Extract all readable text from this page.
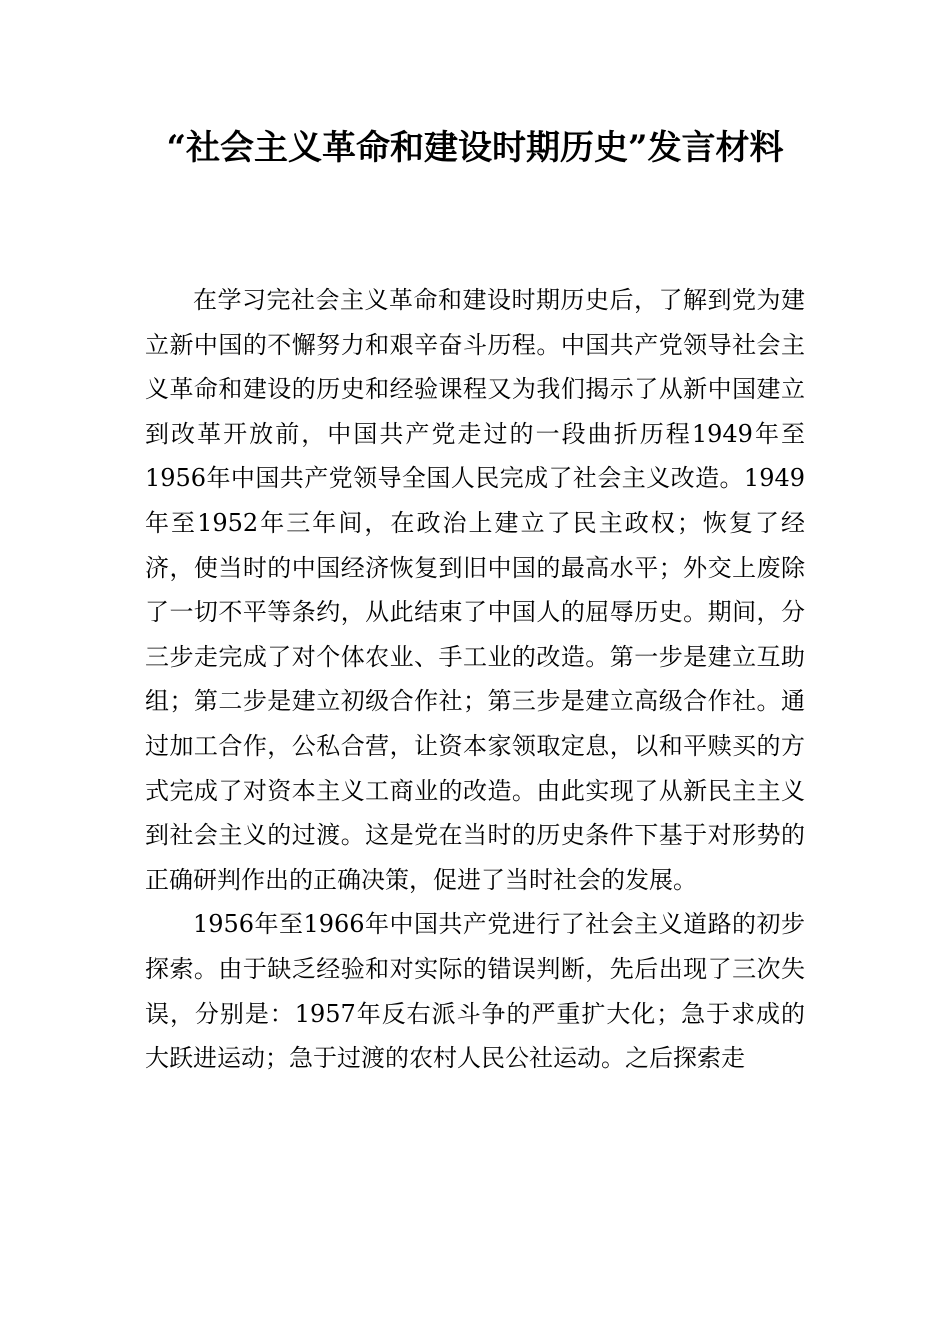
“社会主义革命和建设时期历史”发言材料

在学习完社会主义革命和建设时期历史后，了解到党为建立新中国的不懈努力和艰辛奋斗历程。中国共产党领导社会主义革命和建设的历史和经验课程又为我们揭示了从新中国建立到改革开放前，中国共产党走过的一段曲折历程1949年至1956年中国共产党领导全国人民完成了社会主义改造。1949年至1952年三年间，在政治上建立了民主政权；恢复了经济，使当时的中国经济恢复到旧中国的最高水平；外交上废除了一切不平等条约，从此结束了中国人的屈辱历史。期间，分三步走完成了对个体农业、手工业的改造。第一步是建立互助组；第二步是建立初级合作社；第三步是建立高级合作社。通过加工合作，公私合营，让资本家领取定息，以和平赎买的方式完成了对资本主义工商业的改造。由此实现了从新民主主义到社会主义的过渡。这是党在当时的历史条件下基于对形势的正确研判作出的正确决策，促进了当时社会的发展。

1956年至1966年中国共产党进行了社会主义道路的初步探索。由于缺乏经验和对实际的错误判断，先后出现了三次失误，分别是：1957年反右派斗争的严重扩大化；急于求成的大跃进运动；急于过渡的农村人民公社运动。之后探索走
